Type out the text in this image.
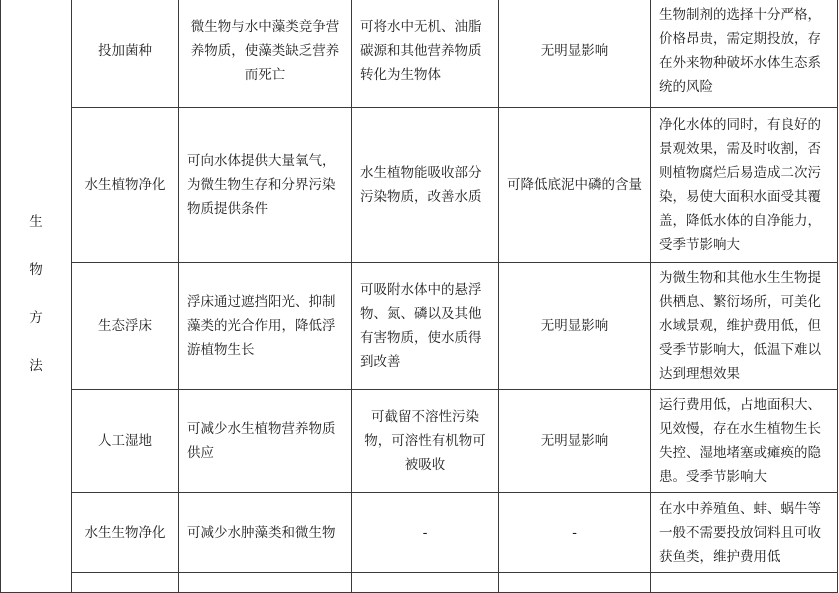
生
物
方
法	投加菌种	微生物与水中藻类竞争营养物质，使藻类缺乏营养而死亡	可将水中无机、油脂碳源和其他营养物质转化为生物体	无明显影响	生物制剂的选择十分严格，价格昂贵，需定期投放，存在外来物种破坏水体生态系统的风险
	水生植物净化	可向水体提供大量氧气，为微生物生存和分界污染物质提供条件	水生植物能吸收部分污染物质，改善水质	可降低底泥中磷的含量	净化水体的同时，有良好的景观效果，需及时收割，否则植物腐烂后易造成二次污染，易使大面积水面受其覆盖，降低水体的自净能力，受季节影响大
	生态浮床	浮床通过遮挡阳光、抑制藻类的光合作用，降低浮游植物生长	可吸附水体中的悬浮物、氮、磷以及其他有害物质，使水质得到改善	无明显影响	为微生物和其他水生生物提供栖息、繁衍场所，可美化水域景观，维护费用低，但受季节影响大，低温下难以达到理想效果
	人工湿地	可减少水生植物营养物质供应	可截留不溶性污染物，可溶性有机物可被吸收	无明显影响	运行费用低，占地面积大、见效慢，存在水生植物生长失控、湿地堵塞或瘫痪的隐患。受季节影响大
	水生生物净化	可减少水肿藻类和微生物	-	-	在水中养殖鱼、蚌、蜗牛等一般不需要投放饲料且可收获鱼类，维护费用低
